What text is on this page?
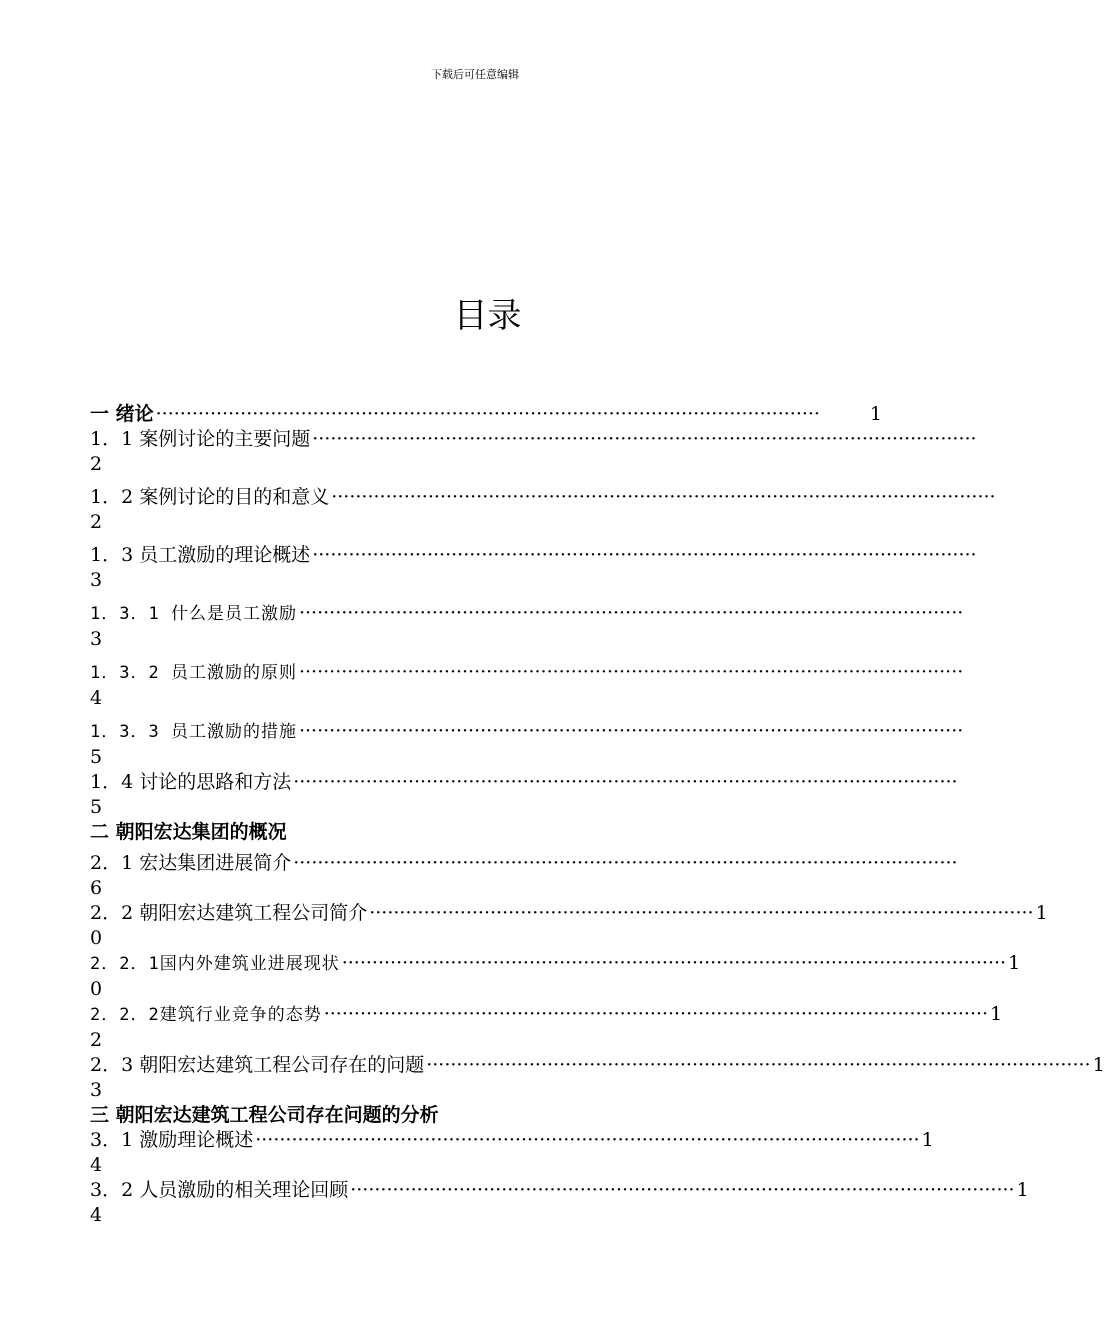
下载后可任意编辑
目录
一 绪论 ··············································································································	1
1．1 案例讨论的主要问题 ··············································································································
2
1．2 案例讨论的目的和意义 ··············································································································
2
1．3 员工激励的理论概述 ··············································································································
3
1．3．1 什么是员工激励 ··············································································································
3
1．3．2 员工激励的原则 ··············································································································
4
1．3．3 员工激励的措施 ··············································································································
5
1．4 讨论的思路和方法 ··············································································································
5
二 朝阳宏达集团的概况
2．1 宏达集团进展简介 ··············································································································
6
2．2 朝阳宏达建筑工程公司简介 ·············································································································· 1
0
2．2．1国内外建筑业进展现状 ·············································································································· 1
0
2．2．2建筑行业竞争的态势 ·············································································································· 1
2
2．3 朝阳宏达建筑工程公司存在的问题 ·············································································································· 1
3
三 朝阳宏达建筑工程公司存在问题的分析
3．1 激励理论概述 ·············································································································· 1
4
3．2 人员激励的相关理论回顾 ·············································································································· 1
4
